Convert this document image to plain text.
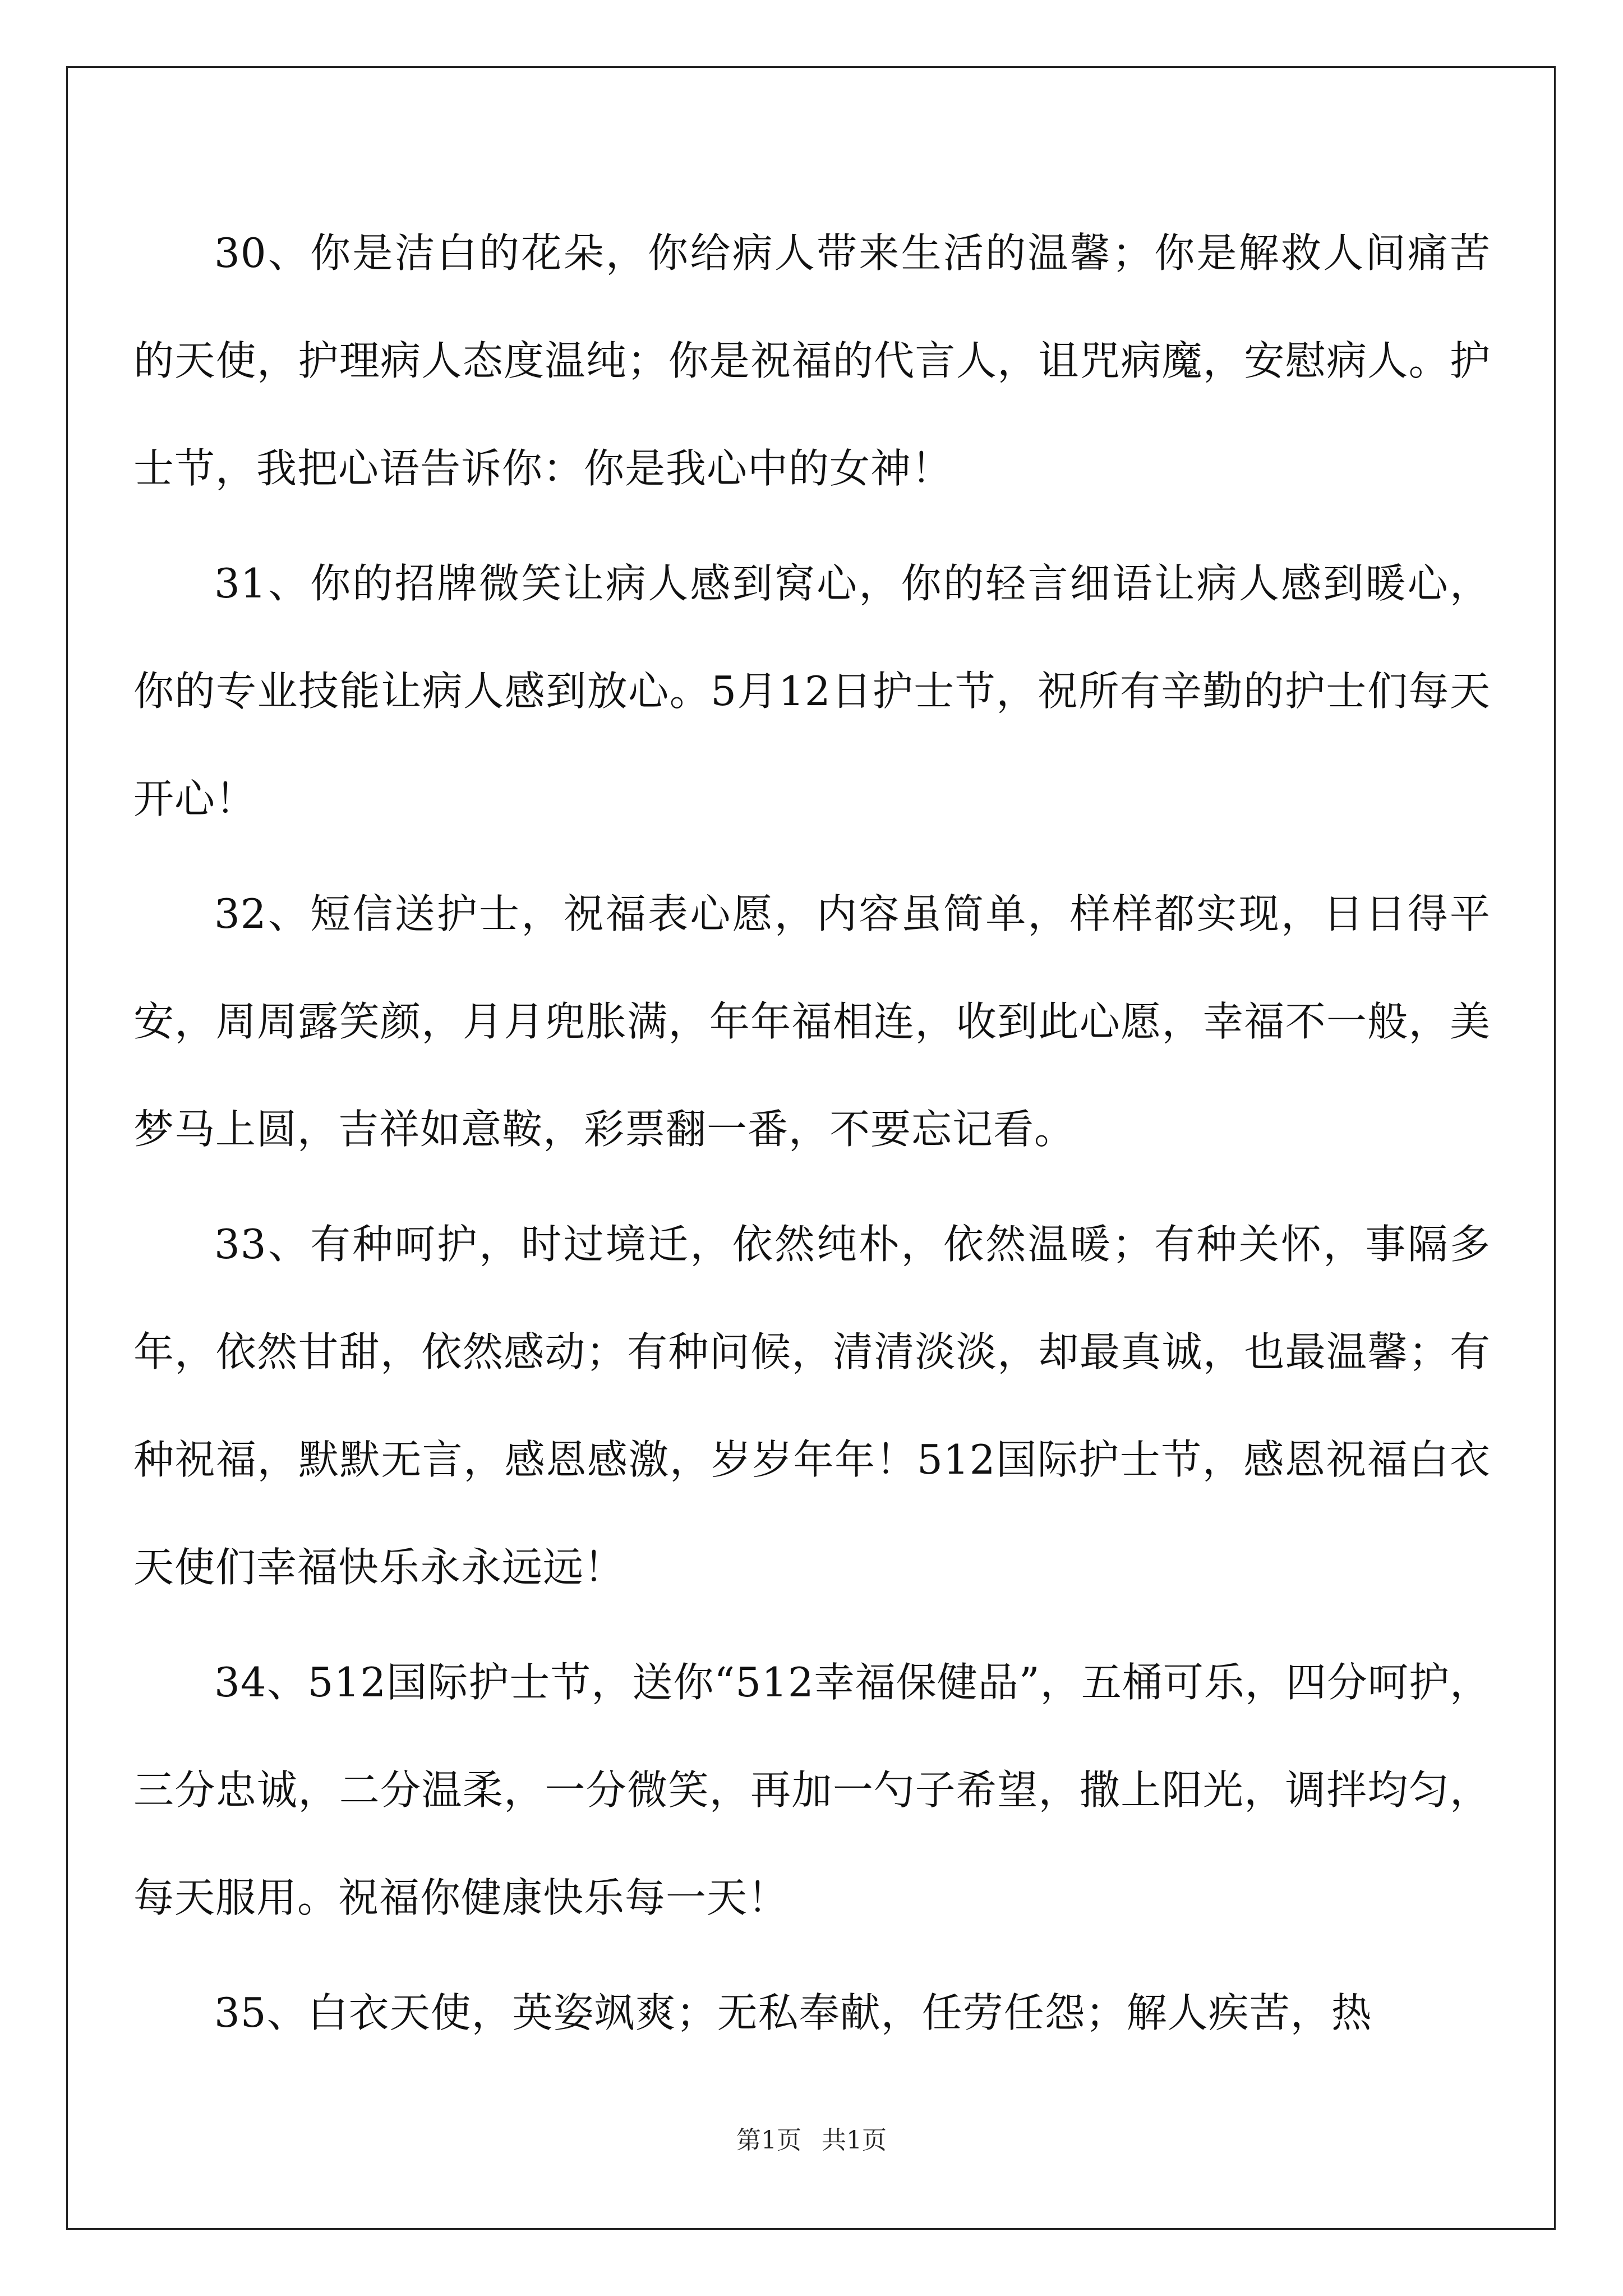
30、你是洁白的花朵，你给病人带来生活的温馨；你是解救人间痛苦的天使，护理病人态度温纯；你是祝福的代言人，诅咒病魔，安慰病人。护士节，我把心语告诉你：你是我心中的女神！

31、你的招牌微笑让病人感到窝心，你的轻言细语让病人感到暖心，你的专业技能让病人感到放心。5月12日护士节，祝所有辛勤的护士们每天开心！

32、短信送护士，祝福表心愿，内容虽简单，样样都实现，日日得平安，周周露笑颜，月月兜胀满，年年福相连，收到此心愿，幸福不一般，美梦马上圆，吉祥如意鞍，彩票翻一番，不要忘记看。

33、有种呵护，时过境迁，依然纯朴，依然温暖；有种关怀，事隔多年，依然甘甜，依然感动；有种问候，清清淡淡，却最真诚，也最温馨；有种祝福，默默无言，感恩感激，岁岁年年！512国际护士节，感恩祝福白衣天使们幸福快乐永永远远！

34、512国际护士节，送你“512幸福保健品”，五桶可乐，四分呵护，三分忠诚，二分温柔，一分微笑，再加一勺子希望，撒上阳光，调拌均匀，每天服用。祝福你健康快乐每一天！

35、白衣天使，英姿飒爽；无私奉献，任劳任怨；解人疾苦，热

第1页 共1页
